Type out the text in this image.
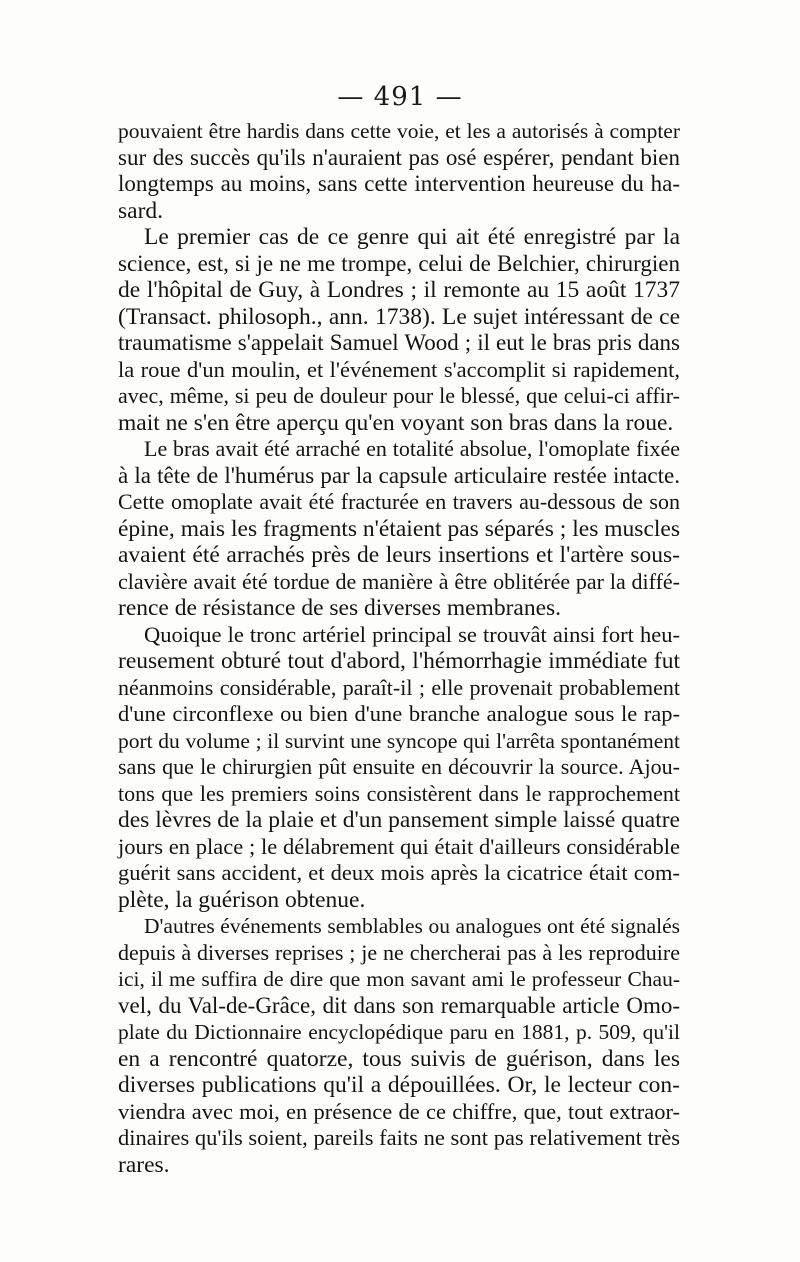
— 491 —
pouvaient être hardis dans cette voie, et les a autorisés à compter
sur des succès qu'ils n'auraient pas osé espérer, pendant bien
longtemps au moins, sans cette intervention heureuse du ha-
sard.
Le premier cas de ce genre qui ait été enregistré par la
science, est, si je ne me trompe, celui de Belchier, chirurgien
de l'hôpital de Guy, à Londres ; il remonte au 15 août 1737
(Transact. philosoph., ann. 1738). Le sujet intéressant de ce
traumatisme s'appelait Samuel Wood ; il eut le bras pris dans
la roue d'un moulin, et l'événement s'accomplit si rapidement,
avec, même, si peu de douleur pour le blessé, que celui-ci affir-
mait ne s'en être aperçu qu'en voyant son bras dans la roue.
Le bras avait été arraché en totalité absolue, l'omoplate fixée
à la tête de l'humérus par la capsule articulaire restée intacte.
Cette omoplate avait été fracturée en travers au-dessous de son
épine, mais les fragments n'étaient pas séparés ; les muscles
avaient été arrachés près de leurs insertions et l'artère sous-
clavière avait été tordue de manière à être oblitérée par la diffé-
rence de résistance de ses diverses membranes.
Quoique le tronc artériel principal se trouvât ainsi fort heu-
reusement obturé tout d'abord, l'hémorrhagie immédiate fut
néanmoins considérable, paraît-il ; elle provenait probablement
d'une circonflexe ou bien d'une branche analogue sous le rap-
port du volume ; il survint une syncope qui l'arrêta spontanément
sans que le chirurgien pût ensuite en découvrir la source. Ajou-
tons que les premiers soins consistèrent dans le rapprochement
des lèvres de la plaie et d'un pansement simple laissé quatre
jours en place ; le délabrement qui était d'ailleurs considérable
guérit sans accident, et deux mois après la cicatrice était com-
plète, la guérison obtenue.
D'autres événements semblables ou analogues ont été signalés
depuis à diverses reprises ; je ne chercherai pas à les reproduire
ici, il me suffira de dire que mon savant ami le professeur Chau-
vel, du Val-de-Grâce, dit dans son remarquable article Omo-
plate du Dictionnaire encyclopédique paru en 1881, p. 509, qu'il
en a rencontré quatorze, tous suivis de guérison, dans les
diverses publications qu'il a dépouillées. Or, le lecteur con-
viendra avec moi, en présence de ce chiffre, que, tout extraor-
dinaires qu'ils soient, pareils faits ne sont pas relativement très
rares.
